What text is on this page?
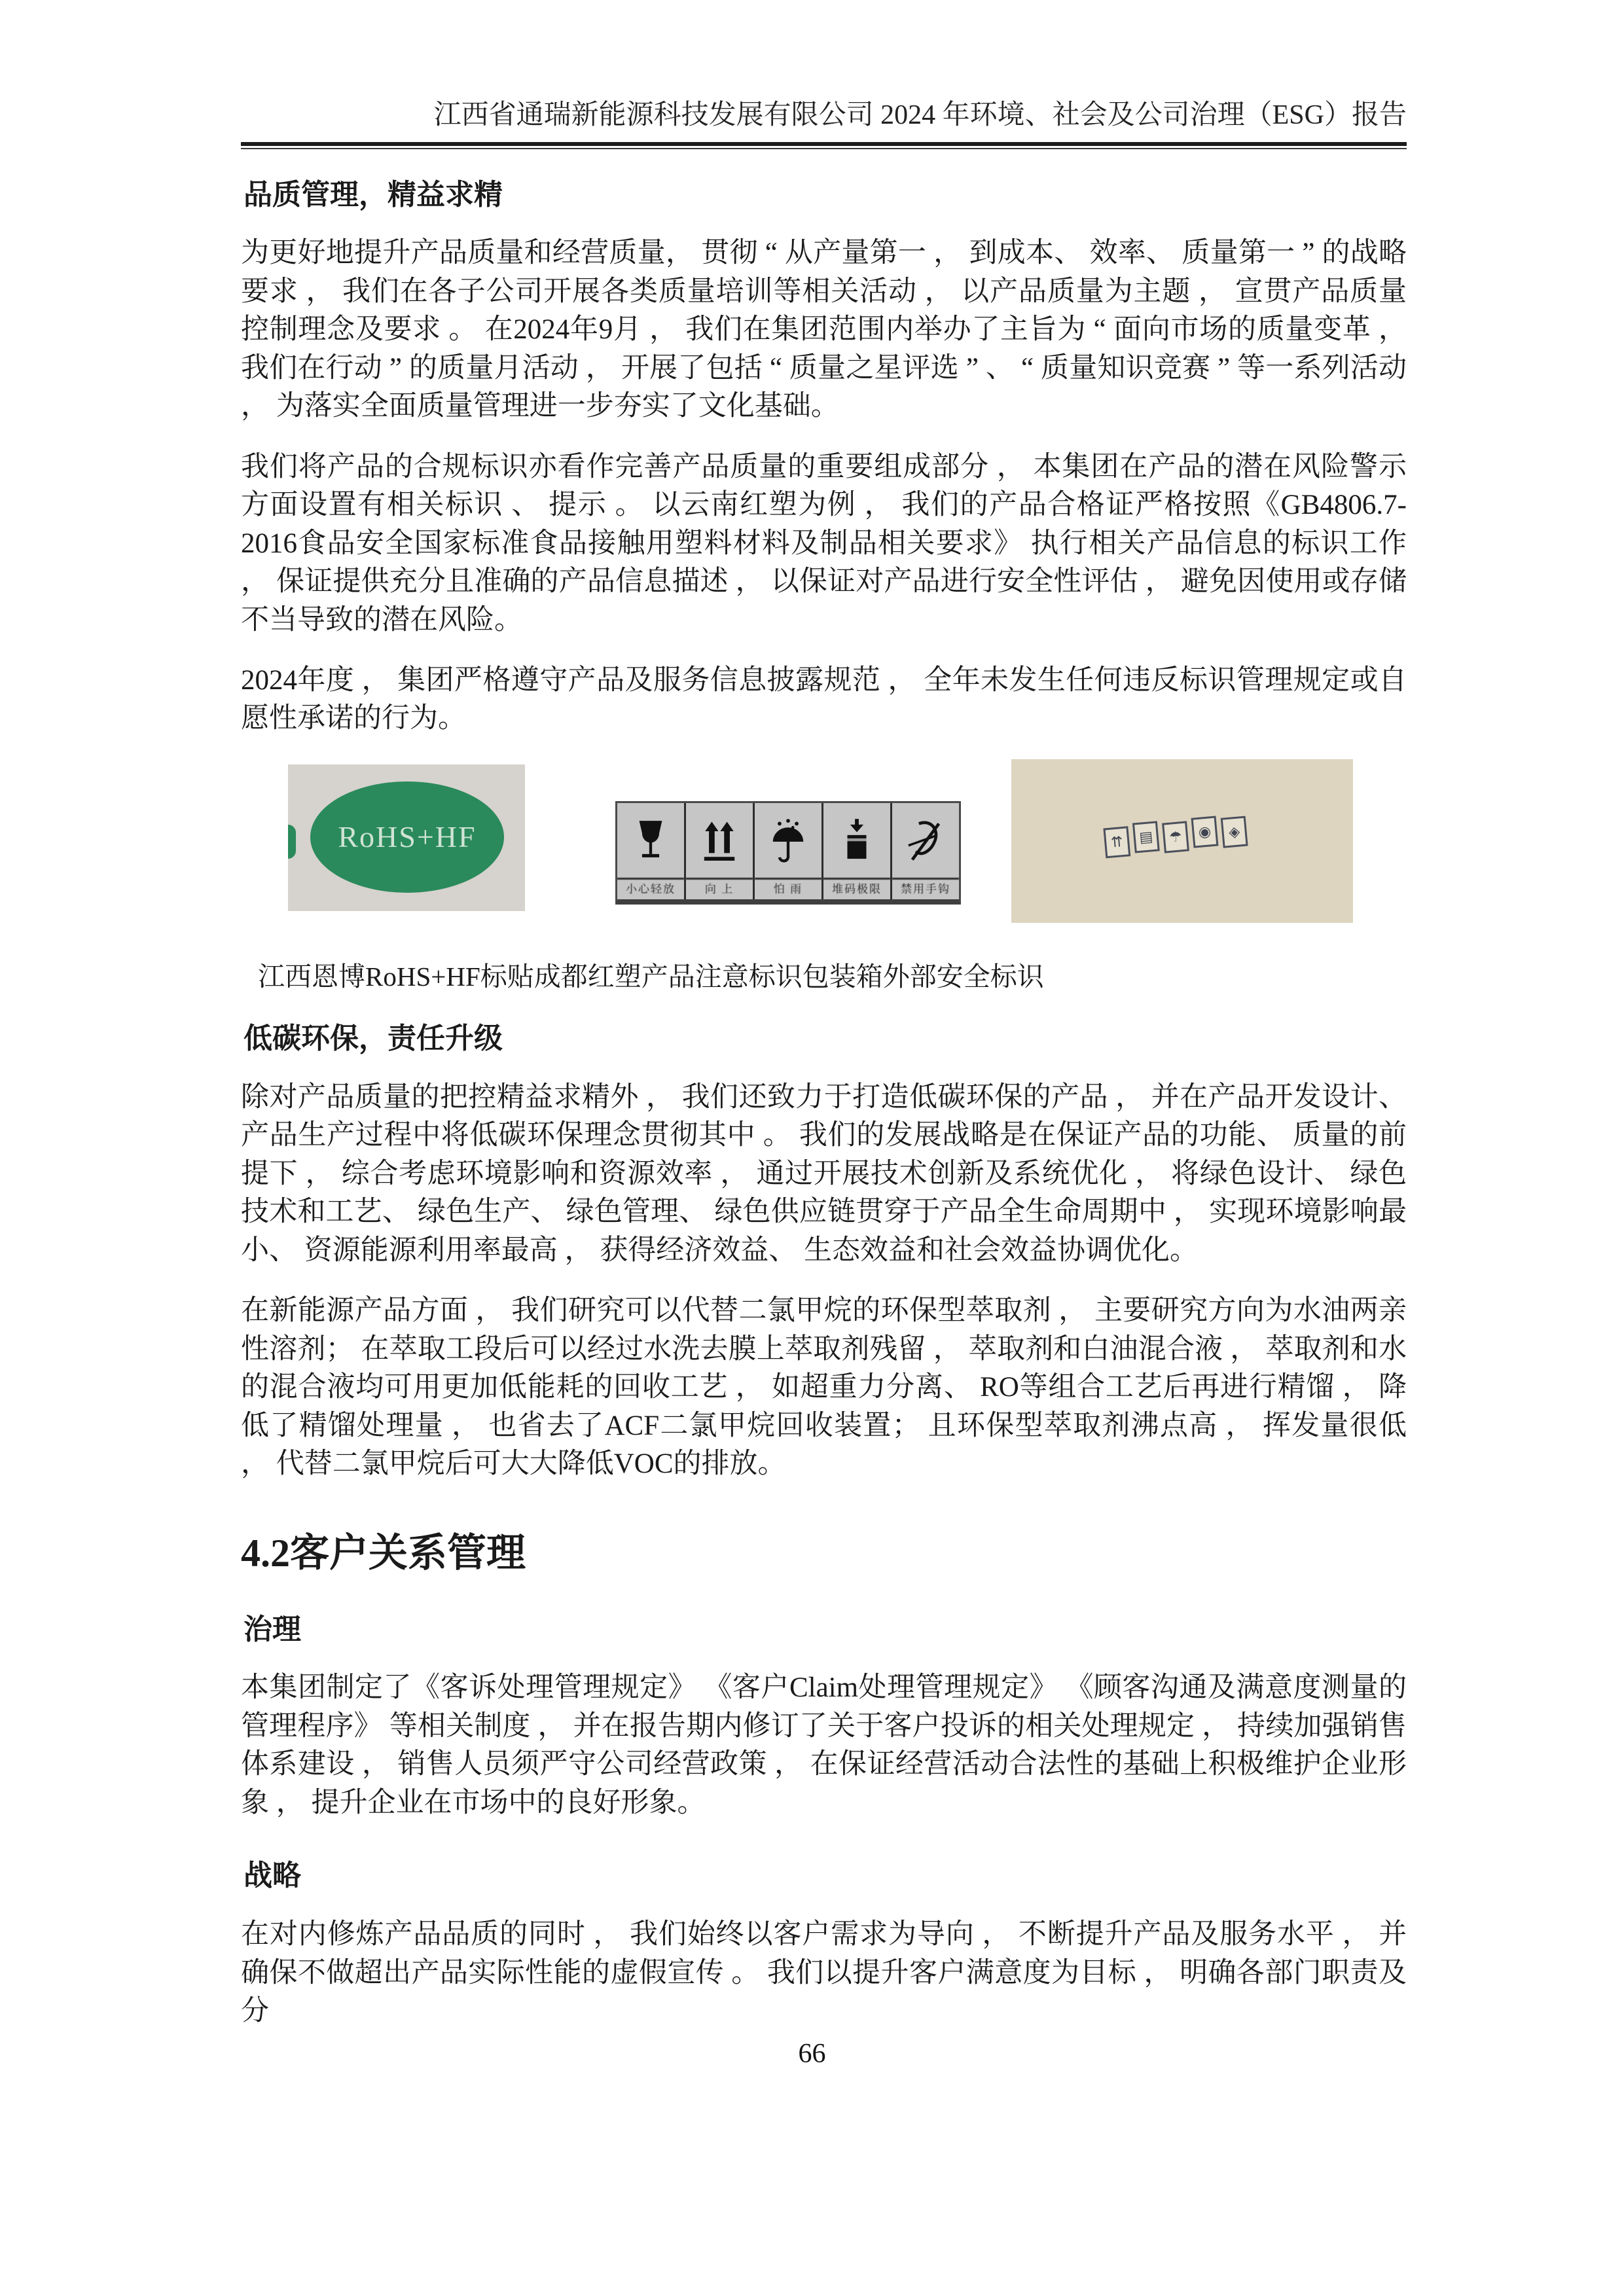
江西省通瑞新能源科技发展有限公司 2024 年环境、社会及公司治理（ESG）报告
品质管理，精益求精

为更好地提升产品质量和经营质量， 贯彻 “ 从产量第一 ， 到成本、 效率、 质量第一 ” 的战略要求 ， 我们在各子公司开展各类质量培训等相关活动 ， 以产品质量为主题 ， 宣贯产品质量控制理念及要求 。 在2024年9月 ， 我们在集团范围内举办了主旨为 “ 面向市场的质量变革 ， 我们在行动 ” 的质量月活动 ， 开展了包括 “ 质量之星评选 ” 、 “ 质量知识竞赛 ” 等一系列活动 ， 为落实全面质量管理进一步夯实了文化基础。

我们将产品的合规标识亦看作完善产品质量的重要组成部分 ， 本集团在产品的潜在风险警示方面设置有相关标识 、 提示 。 以云南红塑为例 ， 我们的产品合格证严格按照《GB4806.7-2016食品安全国家标准食品接触用塑料材料及制品相关要求》 执行相关产品信息的标识工作 ， 保证提供充分且准确的产品信息描述 ， 以保证对产品进行安全性评估 ， 避免因使用或存储不当导致的潜在风险。

2024年度 ， 集团严格遵守产品及服务信息披露规范 ， 全年未发生任何违反标识管理规定或自愿性承诺的行为。

RoHS+HF
小心轻放	向 上	怕 雨	堆码极限	禁用手钩
⇈ ▤ ☂ ◉ ◈

江西恩博RoHS+HF标贴成都红塑产品注意标识包装箱外部安全标识

低碳环保，责任升级

除对产品质量的把控精益求精外 ， 我们还致力于打造低碳环保的产品 ， 并在产品开发设计、 产品生产过程中将低碳环保理念贯彻其中 。 我们的发展战略是在保证产品的功能、 质量的前提下 ， 综合考虑环境影响和资源效率 ， 通过开展技术创新及系统优化 ， 将绿色设计、 绿色技术和工艺、 绿色生产、 绿色管理、 绿色供应链贯穿于产品全生命周期中 ， 实现环境影响最小、 资源能源利用率最高 ， 获得经济效益、 生态效益和社会效益协调优化。

在新能源产品方面 ， 我们研究可以代替二氯甲烷的环保型萃取剂 ， 主要研究方向为水油两亲性溶剂； 在萃取工段后可以经过水洗去膜上萃取剂残留 ， 萃取剂和白油混合液 ， 萃取剂和水的混合液均可用更加低能耗的回收工艺 ， 如超重力分离、 RO等组合工艺后再进行精馏 ， 降低了精馏处理量 ， 也省去了ACF二氯甲烷回收装置； 且环保型萃取剂沸点高 ， 挥发量很低 ， 代替二氯甲烷后可大大降低VOC的排放。

4.2客户关系管理
治理

本集团制定了《客诉处理管理规定》 《客户Claim处理管理规定》 《顾客沟通及满意度测量的管理程序》 等相关制度 ， 并在报告期内修订了关于客户投诉的相关处理规定 ， 持续加强销售体系建设 ， 销售人员须严守公司经营政策 ， 在保证经营活动合法性的基础上积极维护企业形象 ， 提升企业在市场中的良好形象。

战略

在对内修炼产品品质的同时 ， 我们始终以客户需求为导向 ， 不断提升产品及服务水平 ， 并确保不做超出产品实际性能的虚假宣传 。 我们以提升客户满意度为目标 ， 明确各部门职责及分

66
